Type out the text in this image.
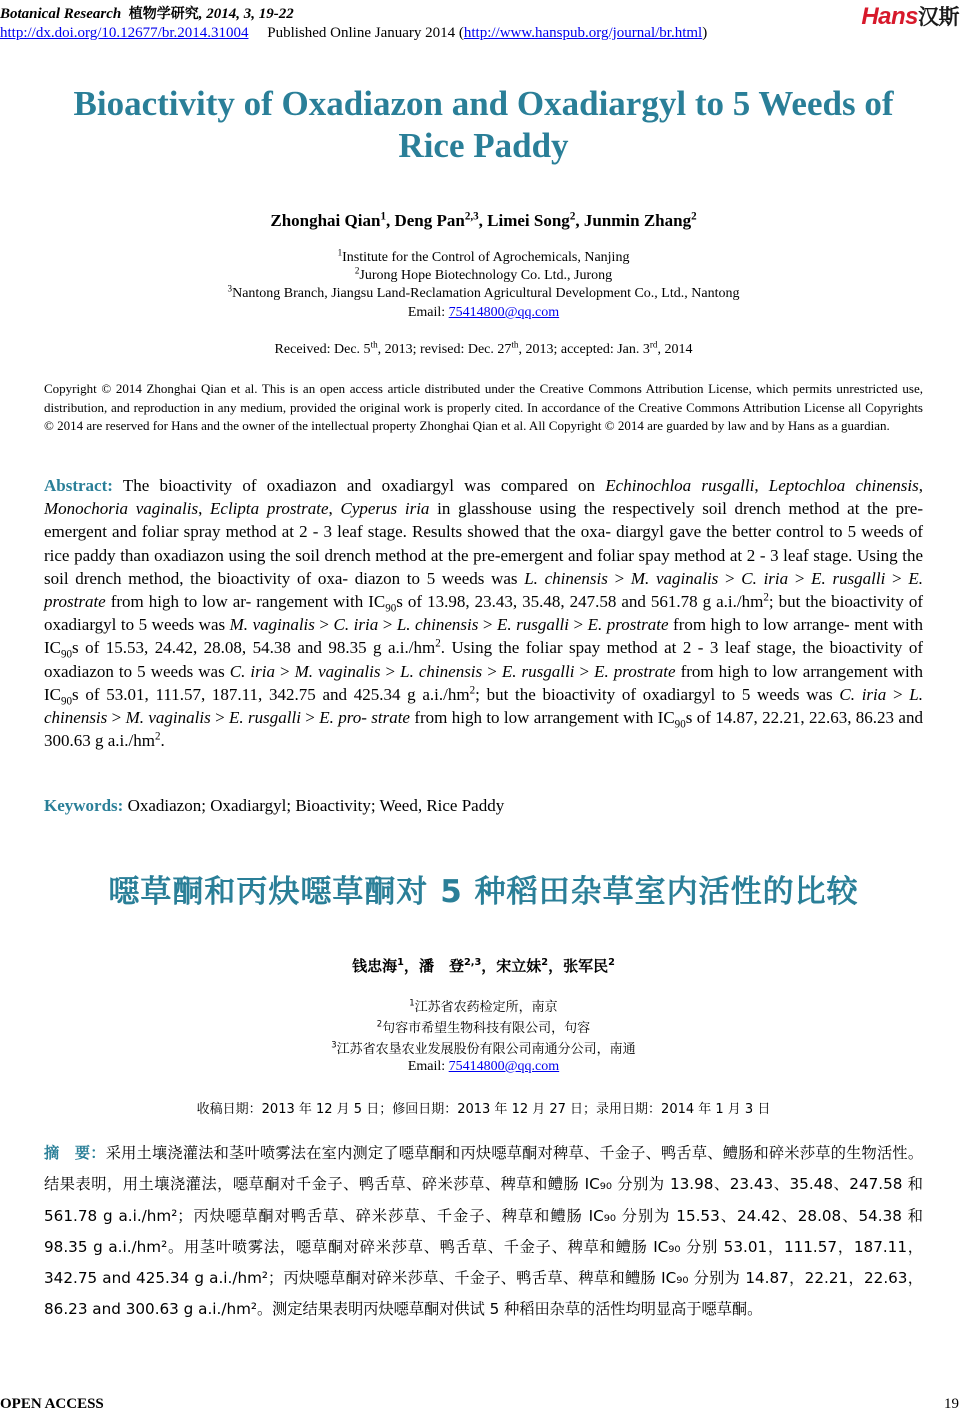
Botanical Research 植物学研究, 2014, 3, 19-22	Hans汉斯
http://dx.doi.org/10.12677/br.2014.31004 Published Online January 2014 (http://www.hanspub.org/journal/br.html)
Bioactivity of Oxadiazon and Oxadiargyl to 5 Weeds of
Rice Paddy
Zhonghai Qian$^1$, Deng Pan$^{2,3}$, Limei Song$^2$, Junmin Zhang$^2$
$^1$Institute for the Control of Agrochemicals, Nanjing
$^2$Jurong Hope Biotechnology Co. Ltd., Jurong
$^3$Nantong Branch, Jiangsu Land-Reclamation Agricultural Development Co., Ltd., Nantong
Email: 75414800@qq.com
Received: Dec. 5th, 2013; revised: Dec. 27th, 2013; accepted: Jan. 3rd, 2014
Copyright © 2014 Zhonghai Qian et al. This is an open access article distributed under the Creative Commons Attribution License, which permits unrestricted use, distribution, and reproduction in any medium, provided the original work is properly cited. In accordance of the Creative Commons Attribution License all Copyrights © 2014 are reserved for Hans and the owner of the intellectual property Zhonghai Qian et al. All Copyright © 2014 are guarded by law and by Hans as a guardian.
Abstract: The bioactivity of oxadiazon and oxadiargyl was compared on Echinochloa rusgalli, Leptochloa chinensis, Monochoria vaginalis, Eclipta prostrate, Cyperus iria in glasshouse using the respectively soil drench method at the pre-emergent and foliar spray method at 2 - 3 leaf stage. Results showed that the oxa- diargyl gave the better control to 5 weeds of rice paddy than oxadiazon using the soil drench method at the pre-emergent and foliar spay method at 2 - 3 leaf stage. Using the soil drench method, the bioactivity of oxa- diazon to 5 weeds was L. chinensis > M. vaginalis > C. iria > E. rusgalli > E. prostrate from high to low ar- rangement with $IC_{90}s$ of 13.98, 23.43, 35.48, 247.58 and 561.78 g $a.i./hm^2$; but the bioactivity of oxadiargyl to 5 weeds was M. vaginalis > C. iria > L. chinensis > E. rusgalli > E. prostrate from high to low arrange- ment with $IC_{90}s$ of 15.53, 24.42, 28.08, 54.38 and 98.35 g $a.i./hm^2$. Using the foliar spay method at 2 - 3 leaf stage, the bioactivity of oxadiazon to 5 weeds was C. iria > M. vaginalis > L. chinensis > E. rusgalli > E. prostrate from high to low arrangement with $IC_{90}s$ of 53.01, 111.57, 187.11, 342.75 and 425.34 g $a.i./hm^2$; but the bioactivity of oxadiargyl to 5 weeds was C. iria > L. chinensis > M. vaginalis > E. rusgalli > E. pro- strate from high to low arrangement with $IC_{90}s$ of 14.87, 22.21, 22.63, 86.23 and 300.63 g $a.i./hm^2$.
Keywords: Oxadiazon; Oxadiargyl; Bioactivity; Weed, Rice Paddy
噁草酮和丙炔噁草酮对 5 种稻田杂草室内活性的比较
钱忠海$^1$，潘　登$^{2,3}$，宋立妹$^2$，张军民$^2$
$^1$江苏省农药检定所，南京
$^2$句容市希望生物科技有限公司，句容
$^3$江苏省农垦农业发展股份有限公司南通分公司，南通
Email: 75414800@qq.com
收稿日期：2013 年 12 月 5 日；修回日期：2013 年 12 月 27 日；录用日期：2014 年 1 月 3 日
摘　要：采用土壤浇灌法和茎叶喷雾法在室内测定了噁草酮和丙炔噁草酮对稗草、千金子、鸭舌草、鳢肠和碎米莎草的生物活性。结果表明，用土壤浇灌法，噁草酮对千金子、鸭舌草、碎米莎草、稗草和鳢肠 IC₉₀ 分别为 13.98、23.43、35.48、247.58 和 561.78 g a.i./hm²；丙炔噁草酮对鸭舌草、碎米莎草、千金子、稗草和鳢肠 IC₉₀ 分别为 15.53、24.42、28.08、54.38 和 98.35 g a.i./hm²。用茎叶喷雾法，噁草酮对碎米莎草、鸭舌草、千金子、稗草和鳢肠 IC₉₀ 分别 53.01，111.57，187.11，342.75 and 425.34 g a.i./hm²；丙炔噁草酮对碎米莎草、千金子、鸭舌草、稗草和鳢肠 IC₉₀ 分别为 14.87，22.21，22.63，86.23 and 300.63 g a.i./hm²。测定结果表明丙炔噁草酮对供试 5 种稻田杂草的活性均明显高于噁草酮。
OPEN ACCESS	19
